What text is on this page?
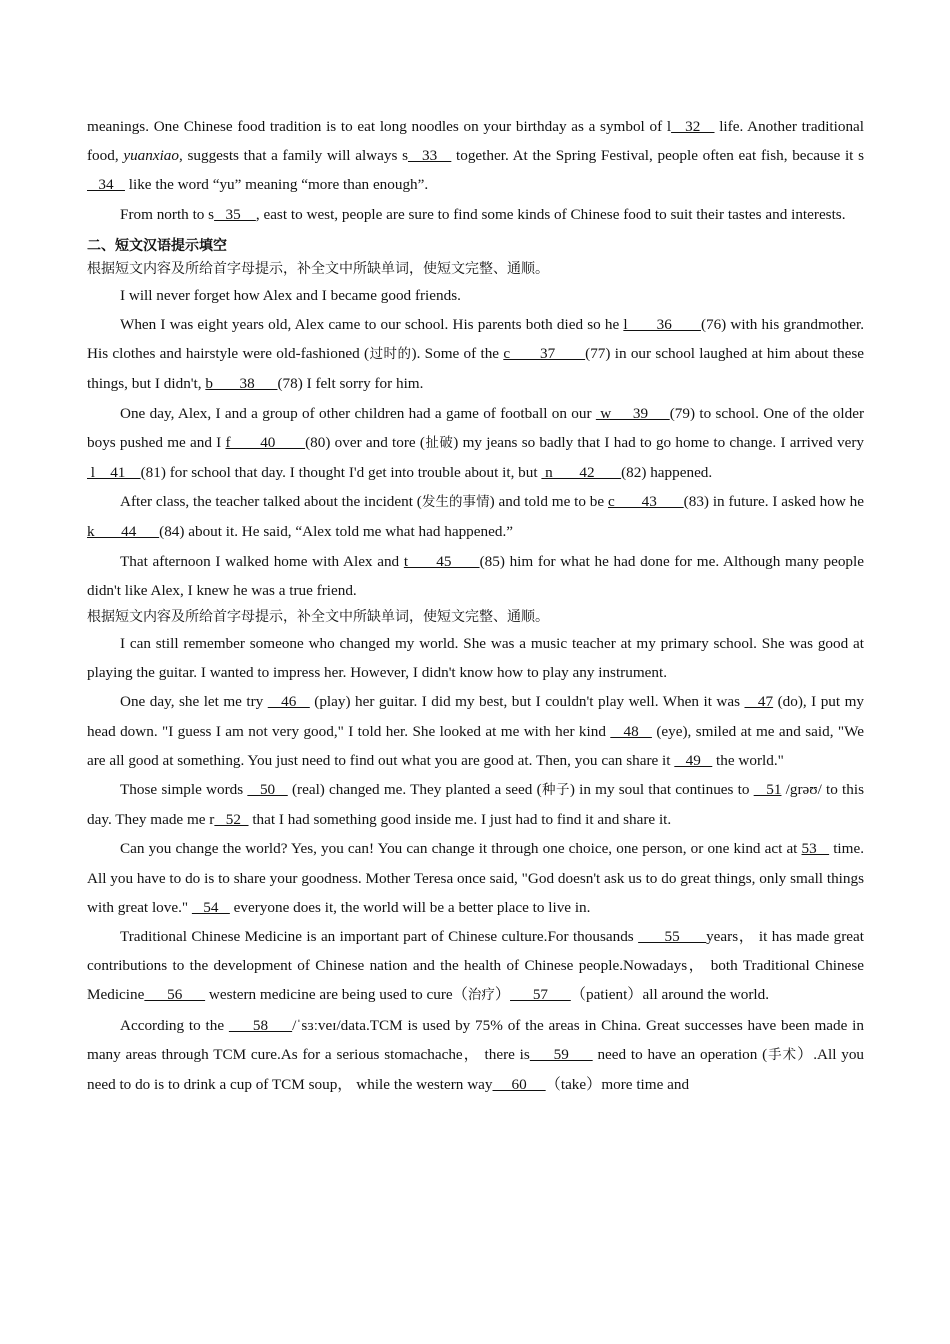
meanings. One Chinese food tradition is to eat long noodles on your birthday as a symbol of l   32    life. Another traditional food, yuanxiao, suggests that a family will always s   33    together. At the Spring Festival, people often eat fish, because it s   34    like the word “yu” meaning “more than enough”.

From north to s   35    , east to west, people are sure to find some kinds of Chinese food to suit their tastes and interests.

二、短文汉语提示填空

根据短文内容及所给首字母提示，补全文中所缺单词，使短文完整、通顺。

I will never forget how Alex and I became good friends.

When I was eight years old, Alex came to our school. His parents both died so he l       36       (76) with his grandmother. His clothes and hairstyle were old-fashioned (过时的). Some of the c       37       (77) in our school laughed at him about these things, but I didn't, b       38      (78) I felt sorry for him.

One day, Alex, I and a group of other children had a game of football on our  w     39     (79) to school. One of the older boys pushed me and I f       40       (80) over and tore (扯破) my jeans so badly that I had to go home to change. I arrived very  l    41    (81) for school that day. I thought I'd get into trouble about it, but  n       42       (82) happened.

After class, the teacher talked about the incident (发生的事情) and told me to be c       43       (83) in future. I asked how he k       44      (84) about it. He said, “Alex told me what had happened.”

That afternoon I walked home with Alex and t      45      (85) him for what he had done for me. Although many people didn't like Alex, I knew he was a true friend.

根据短文内容及所给首字母提示，补全文中所缺单词，使短文完整、通顺。

I can still remember someone who changed my world. She was a music teacher at my primary school. She was good at playing the guitar. I wanted to impress her. However, I didn't know how to play any instrument.

One day, she let me try    46    (play) her guitar. I did my best, but I couldn't play well. When it was    47 (do), I put my head down. "I guess I am not very good," I told her. She looked at me with her kind    48    (eye), smiled at me and said, "We are all good at something. You just need to find out what you are good at. Then, you can share it    49    the world."

Those simple words    50    (real) changed me. They planted a seed (种子) in my soul that continues to    51 /grəʊ/ to this day. They made me r   52   that I had something good inside me. I just had to find it and share it.

Can you change the world? Yes, you can! You can change it through one choice, one person, or one kind act at 53    time. All you have to do is to share your goodness. Mother Teresa once said, "God doesn't ask us to do great things, only small things with great love."    54    everyone does it, the world will be a better place to live in.

Traditional Chinese Medicine is an important part of Chinese culture.For thousands       55      years， it has made great contributions to the development of Chinese nation and the health of Chinese people.Nowadays， both Traditional Chinese Medicine      56       western medicine are being used to cure（治疗）      57      （patient）all around the world.

According to the      58     /ˈsɜːveɪ/data.TCM is used by 75% of the areas in China. Great successes have been made in many areas through TCM cure.As for a serious stomachache， there is     59      need to have an operation (手术）.All you need to do is to drink a cup of TCM soup， while the western way     60     （take）more time and
